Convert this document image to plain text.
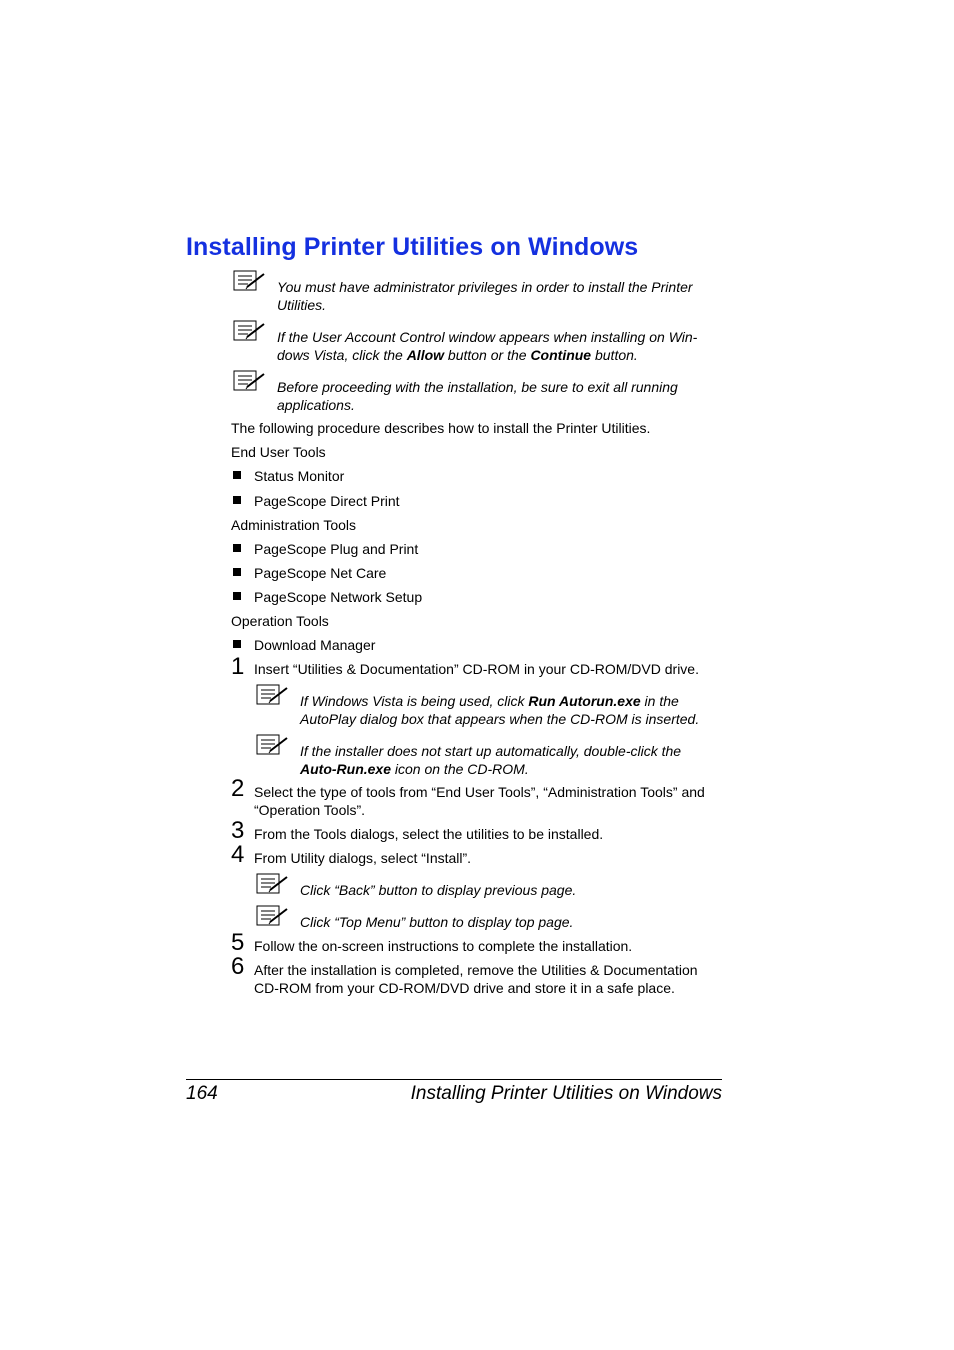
Installing Printer Utilities on Windows
You must have administrator privileges in order to install the Printer
Utilities.
If the User Account Control window appears when installing on Win-
dows Vista, click the Allow button or the Continue button.
Before proceeding with the installation, be sure to exit all running
applications.
The following procedure describes how to install the Printer Utilities.
End User Tools
Status Monitor
PageScope Direct Print
Administration Tools
PageScope Plug and Print
PageScope Net Care
PageScope Network Setup
Operation Tools
Download Manager
1 Insert “Utilities & Documentation” CD-ROM in your CD-ROM/DVD drive.
If Windows Vista is being used, click Run Autorun.exe in the
AutoPlay dialog box that appears when the CD-ROM is inserted.
If the installer does not start up automatically, double-click the
Auto-Run.exe icon on the CD-ROM.
2 Select the type of tools from “End User Tools”, “Administration Tools” and
“Operation Tools”.
3 From the Tools dialogs, select the utilities to be installed.
4 From Utility dialogs, select “Install”.
Click “Back” button to display previous page.
Click “Top Menu” button to display top page.
5 Follow the on-screen instructions to complete the installation.
6 After the installation is completed, remove the Utilities & Documentation
CD-ROM from your CD-ROM/DVD drive and store it in a safe place.
164	Installing Printer Utilities on Windows
